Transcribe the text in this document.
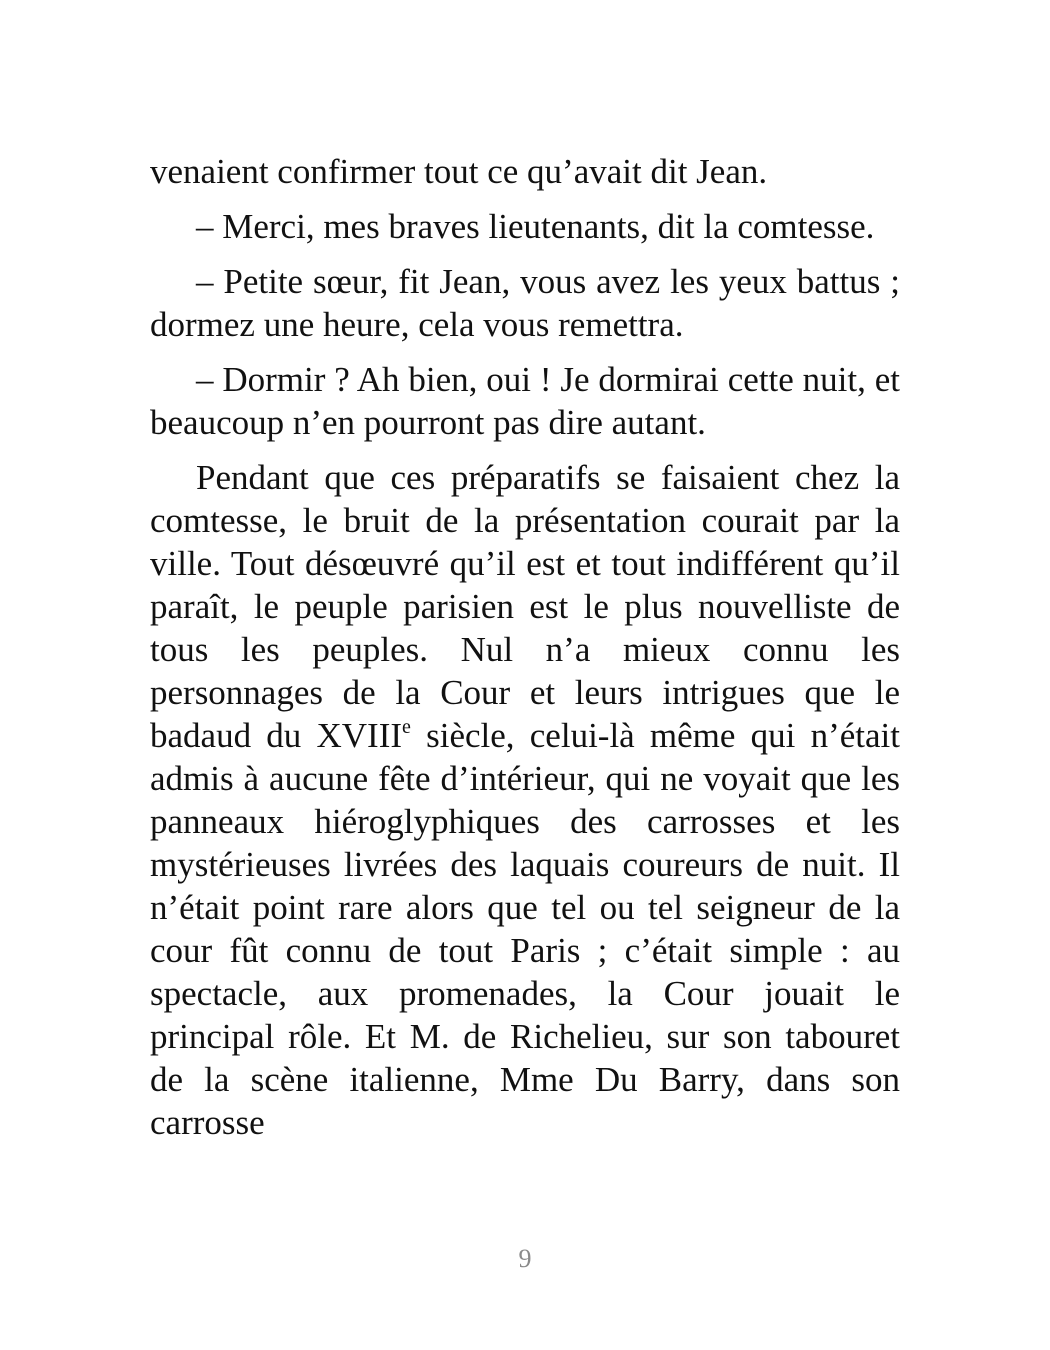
venaient confirmer tout ce qu’avait dit Jean.

– Merci, mes braves lieutenants, dit la comtesse.

– Petite sœur, fit Jean, vous avez les yeux battus ; dormez une heure, cela vous remettra.

– Dormir ? Ah bien, oui ! Je dormirai cette nuit, et beaucoup n’en pourront pas dire autant.

Pendant que ces préparatifs se faisaient chez la comtesse, le bruit de la présentation courait par la ville. Tout désœuvré qu’il est et tout indifférent qu’il paraît, le peuple parisien est le plus nouvelliste de tous les peuples. Nul n’a mieux connu les personnages de la Cour et leurs intrigues que le badaud du XVIIIe siècle, celui-là même qui n’était admis à aucune fête d’intérieur, qui ne voyait que les panneaux hiéroglyphiques des carrosses et les mystérieuses livrées des laquais coureurs de nuit. Il n’était point rare alors que tel ou tel seigneur de la cour fût connu de tout Paris ; c’était simple : au spectacle, aux promenades, la Cour jouait le principal rôle. Et M. de Richelieu, sur son tabouret de la scène italienne, Mme Du Barry, dans son carrosse

9
